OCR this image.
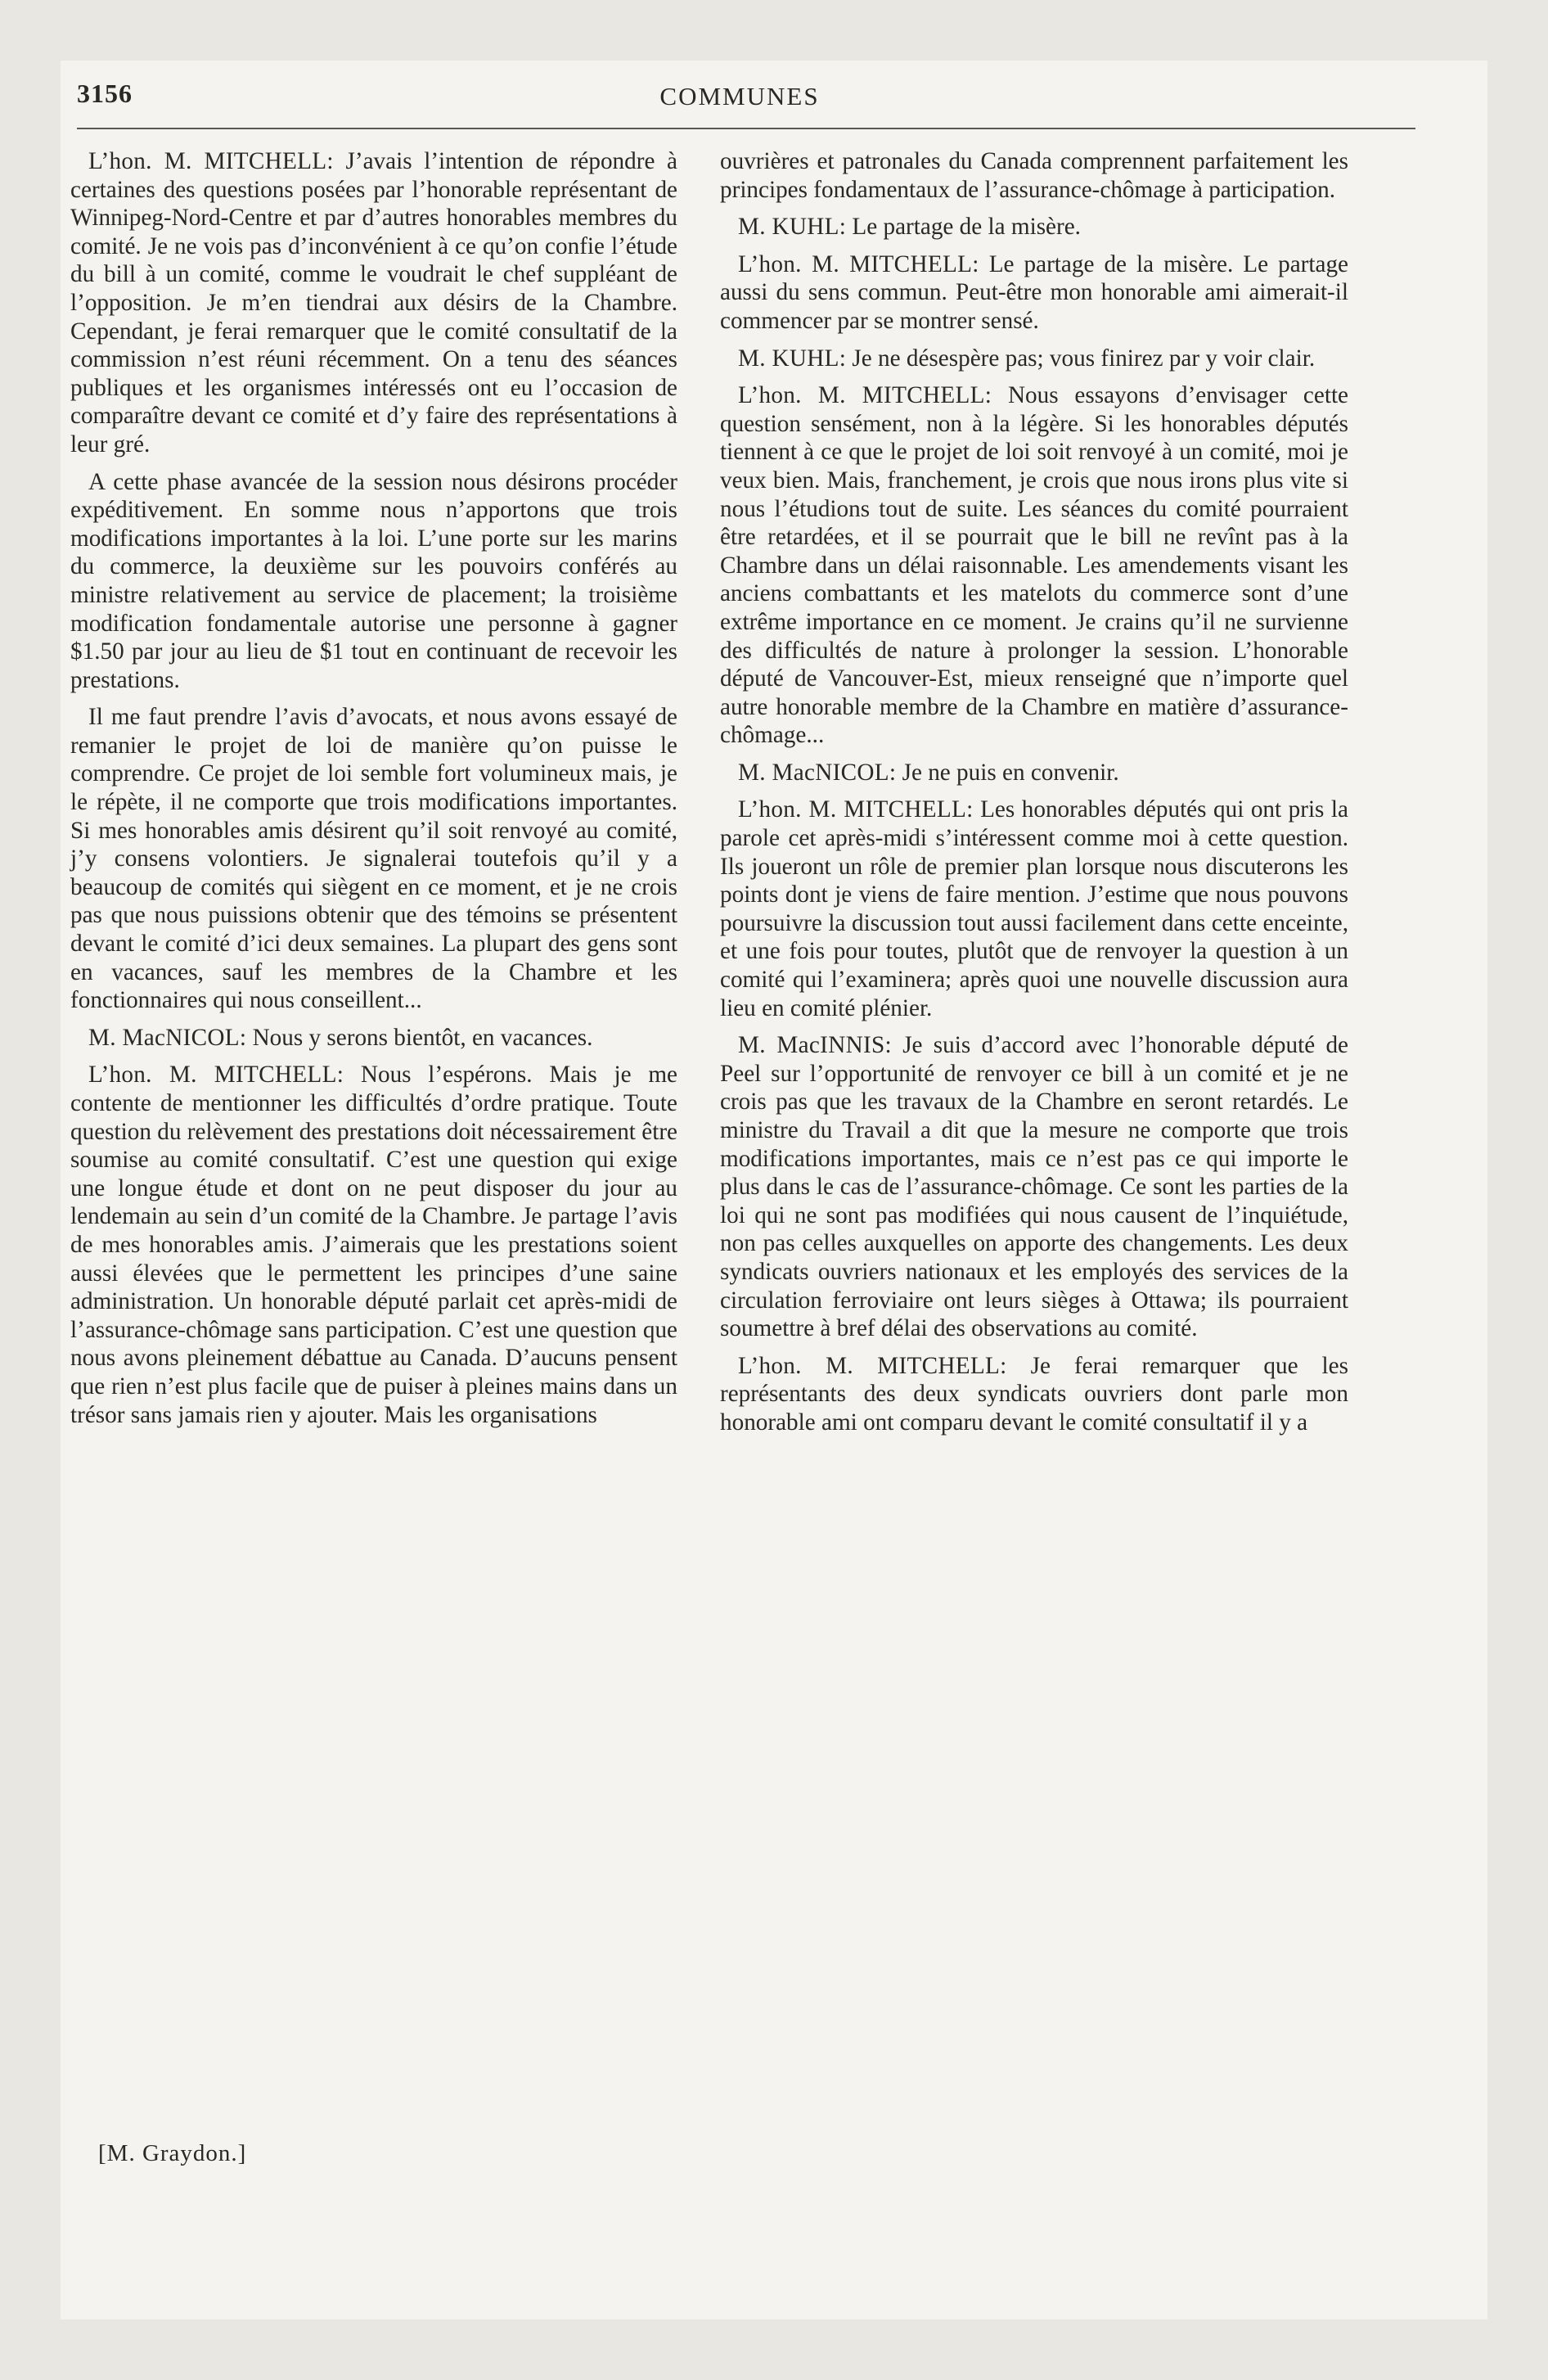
3156	COMMUNES

L’hon. M. MITCHELL: J’avais l’intention de répondre à certaines des questions posées par l’honorable représentant de Winnipeg-Nord-Centre et par d’autres honorables membres du comité. Je ne vois pas d’inconvénient à ce qu’on confie l’étude du bill à un comité, comme le voudrait le chef suppléant de l’opposition. Je m’en tiendrai aux désirs de la Chambre. Cependant, je ferai remarquer que le comité consultatif de la commission n’est réuni récemment. On a tenu des séances publiques et les organismes intéressés ont eu l’occasion de comparaître devant ce comité et d’y faire des représentations à leur gré.

A cette phase avancée de la session nous désirons procéder expéditivement. En somme nous n’apportons que trois modifications importantes à la loi. L’une porte sur les marins du commerce, la deuxième sur les pouvoirs conférés au ministre relativement au service de placement; la troisième modification fondamentale autorise une personne à gagner $1.50 par jour au lieu de $1 tout en continuant de recevoir les prestations.

Il me faut prendre l’avis d’avocats, et nous avons essayé de remanier le projet de loi de manière qu’on puisse le comprendre. Ce projet de loi semble fort volumineux mais, je le répète, il ne comporte que trois modifications importantes. Si mes honorables amis désirent qu’il soit renvoyé au comité, j’y consens volontiers. Je signalerai toutefois qu’il y a beaucoup de comités qui siègent en ce moment, et je ne crois pas que nous puissions obtenir que des témoins se présentent devant le comité d’ici deux semaines. La plupart des gens sont en vacances, sauf les membres de la Chambre et les fonctionnaires qui nous conseillent...

M. MacNICOL: Nous y serons bientôt, en vacances.

L’hon. M. MITCHELL: Nous l’espérons. Mais je me contente de mentionner les difficultés d’ordre pratique. Toute question du relèvement des prestations doit nécessairement être soumise au comité consultatif. C’est une question qui exige une longue étude et dont on ne peut disposer du jour au lendemain au sein d’un comité de la Chambre. Je partage l’avis de mes honorables amis. J’aimerais que les prestations soient aussi élevées que le permettent les principes d’une saine administration. Un honorable député parlait cet après-midi de l’assurance-chômage sans participation. C’est une question que nous avons pleinement débattue au Canada. D’aucuns pensent que rien n’est plus facile que de puiser à pleines mains dans un trésor sans jamais rien y ajouter. Mais les organisations

ouvrières et patronales du Canada comprennent parfaitement les principes fondamentaux de l’assurance-chômage à participation.

M. KUHL: Le partage de la misère.

L’hon. M. MITCHELL: Le partage de la misère. Le partage aussi du sens commun. Peut-être mon honorable ami aimerait-il commencer par se montrer sensé.

M. KUHL: Je ne désespère pas; vous finirez par y voir clair.

L’hon. M. MITCHELL: Nous essayons d’envisager cette question sensément, non à la légère. Si les honorables députés tiennent à ce que le projet de loi soit renvoyé à un comité, moi je veux bien. Mais, franchement, je crois que nous irons plus vite si nous l’étudions tout de suite. Les séances du comité pourraient être retardées, et il se pourrait que le bill ne revînt pas à la Chambre dans un délai raisonnable. Les amendements visant les anciens combattants et les matelots du commerce sont d’une extrême importance en ce moment. Je crains qu’il ne survienne des difficultés de nature à prolonger la session. L’honorable député de Vancouver-Est, mieux renseigné que n’importe quel autre honorable membre de la Chambre en matière d’assurance-chômage...

M. MacNICOL: Je ne puis en convenir.

L’hon. M. MITCHELL: Les honorables députés qui ont pris la parole cet après-midi s’intéressent comme moi à cette question. Ils joueront un rôle de premier plan lorsque nous discuterons les points dont je viens de faire mention. J’estime que nous pouvons poursuivre la discussion tout aussi facilement dans cette enceinte, et une fois pour toutes, plutôt que de renvoyer la question à un comité qui l’examinera; après quoi une nouvelle discussion aura lieu en comité plénier.

M. MacINNIS: Je suis d’accord avec l’honorable député de Peel sur l’opportunité de renvoyer ce bill à un comité et je ne crois pas que les travaux de la Chambre en seront retardés. Le ministre du Travail a dit que la mesure ne comporte que trois modifications importantes, mais ce n’est pas ce qui importe le plus dans le cas de l’assurance-chômage. Ce sont les parties de la loi qui ne sont pas modifiées qui nous causent de l’inquiétude, non pas celles auxquelles on apporte des changements. Les deux syndicats ouvriers nationaux et les employés des services de la circulation ferroviaire ont leurs sièges à Ottawa; ils pourraient soumettre à bref délai des observations au comité.

L’hon. M. MITCHELL: Je ferai remarquer que les représentants des deux syndicats ouvriers dont parle mon honorable ami ont comparu devant le comité consultatif il y a

[M. Graydon.]
